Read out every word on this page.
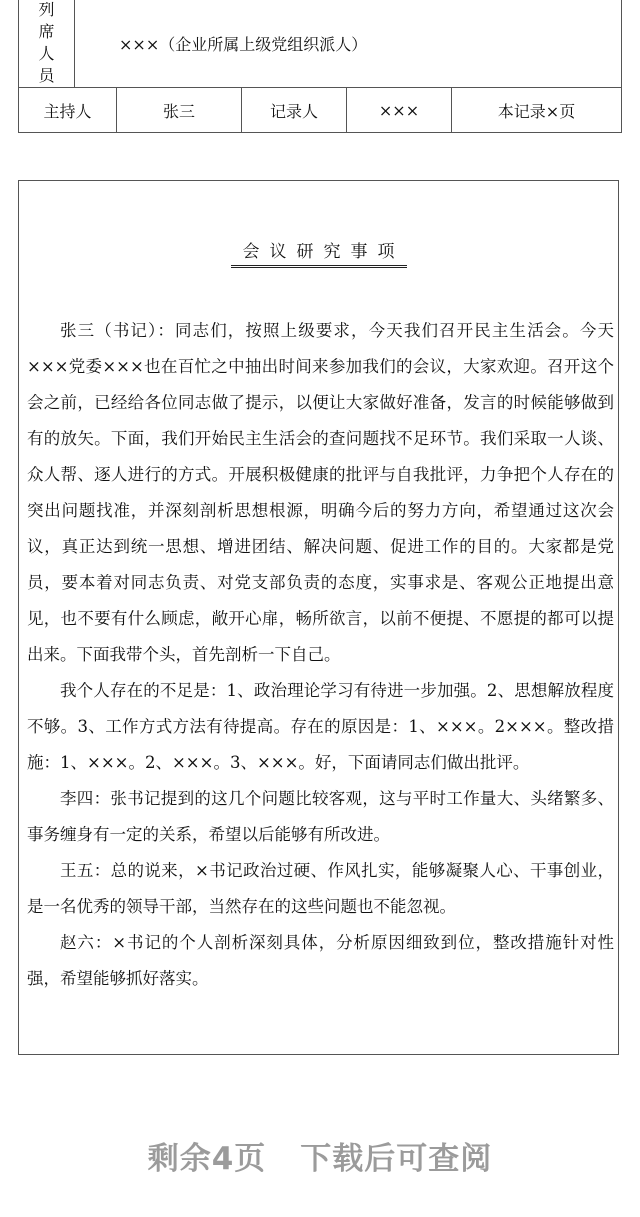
列
席
人
员	×××（企业所属上级党组织派人）				
主持人		张三	记录人	×××	本记录×页
会议研究事项

张三（书记）：同志们，按照上级要求，今天我们召开民主生活会。今天×××党委×××也在百忙之中抽出时间来参加我们的会议，大家欢迎。召开这个会之前，已经给各位同志做了提示，以便让大家做好准备，发言的时候能够做到有的放矢。下面，我们开始民主生活会的查问题找不足环节。我们采取一人谈、众人帮、逐人进行的方式。开展积极健康的批评与自我批评，力争把个人存在的突出问题找准，并深刻剖析思想根源，明确今后的努力方向，希望通过这次会议，真正达到统一思想、增进团结、解决问题、促进工作的目的。大家都是党员，要本着对同志负责、对党支部负责的态度，实事求是、客观公正地提出意见，也不要有什么顾虑，敞开心扉，畅所欲言，以前不便提、不愿提的都可以提出来。下面我带个头，首先剖析一下自己。

我个人存在的不足是：1、政治理论学习有待进一步加强。2、思想解放程度不够。3、工作方式方法有待提高。存在的原因是：1、×××。2×××。整改措施：1、×××。2、×××。3、×××。好，下面请同志们做出批评。

李四：张书记提到的这几个问题比较客观，这与平时工作量大、头绪繁多、事务缠身有一定的关系，希望以后能够有所改进。

王五：总的说来，×书记政治过硬、作风扎实，能够凝聚人心、干事创业，是一名优秀的领导干部，当然存在的这些问题也不能忽视。

赵六：×书记的个人剖析深刻具体，分析原因细致到位，整改措施针对性强，希望能够抓好落实。

剩余4页 下载后可查阅
